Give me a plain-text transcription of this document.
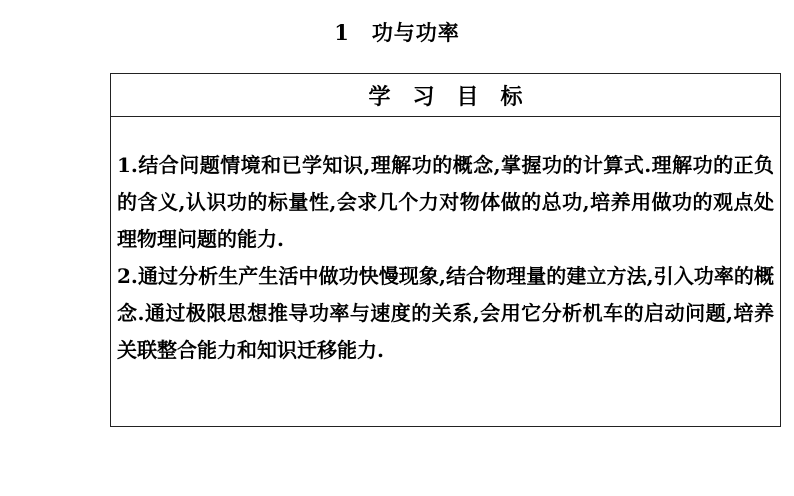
1 功与功率
学习目标

1.结合问题情境和已学知识,理解功的概念,掌握功的计算式.理解功的正负的含义,认识功的标量性,会求几个力对物体做的总功,培养用做功的观点处理物理问题的能力.

2.通过分析生产生活中做功快慢现象,结合物理量的建立方法,引入功率的概念.通过极限思想推导功率与速度的关系,会用它分析机车的启动问题,培养关联整合能力和知识迁移能力.
